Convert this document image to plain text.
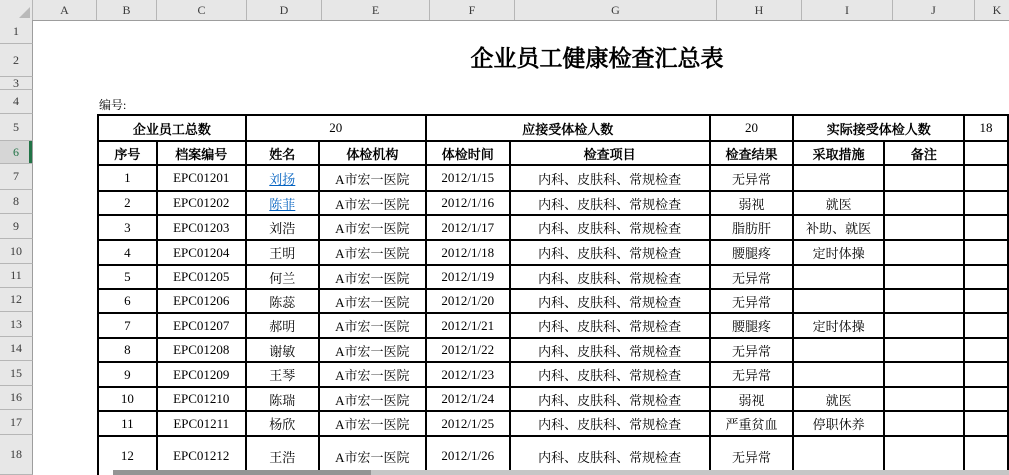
A	B	C	D	E	F	G	H	I	J	K
1
2
3
4
5
6
7
8
9
10
11
12
13
14
15
16
17
18
企业员工健康检查汇总表
编号:
企业员工总数		20		应接受体检人数		20	实际接受体检人数		18
序号	档案编号	姓名	体检机构	体检时间	检查项目	检查结果	采取措施	备注	
1	EPC01201	刘扬	A市宏一医院	2012/1/15	内科、皮肤科、常规检查	无异常			
2	EPC01202	陈菲	A市宏一医院	2012/1/16	内科、皮肤科、常规检查	弱视	就医		
3	EPC01203	刘浩	A市宏一医院	2012/1/17	内科、皮肤科、常规检查	脂肪肝	补助、就医		
4	EPC01204	王明	A市宏一医院	2012/1/18	内科、皮肤科、常规检查	腰腿疼	定时体操		
5	EPC01205	何兰	A市宏一医院	2012/1/19	内科、皮肤科、常规检查	无异常			
6	EPC01206	陈蕊	A市宏一医院	2012/1/20	内科、皮肤科、常规检查	无异常			
7	EPC01207	郝明	A市宏一医院	2012/1/21	内科、皮肤科、常规检查	腰腿疼	定时体操		
8	EPC01208	谢敏	A市宏一医院	2012/1/22	内科、皮肤科、常规检查	无异常			
9	EPC01209	王琴	A市宏一医院	2012/1/23	内科、皮肤科、常规检查	无异常			
10	EPC01210	陈瑞	A市宏一医院	2012/1/24	内科、皮肤科、常规检查	弱视	就医		
11	EPC01211	杨欣	A市宏一医院	2012/1/25	内科、皮肤科、常规检查	严重贫血	停职休养		
12	EPC01212	王浩	A市宏一医院	2012/1/26	内科、皮肤科、常规检查	无异常			
